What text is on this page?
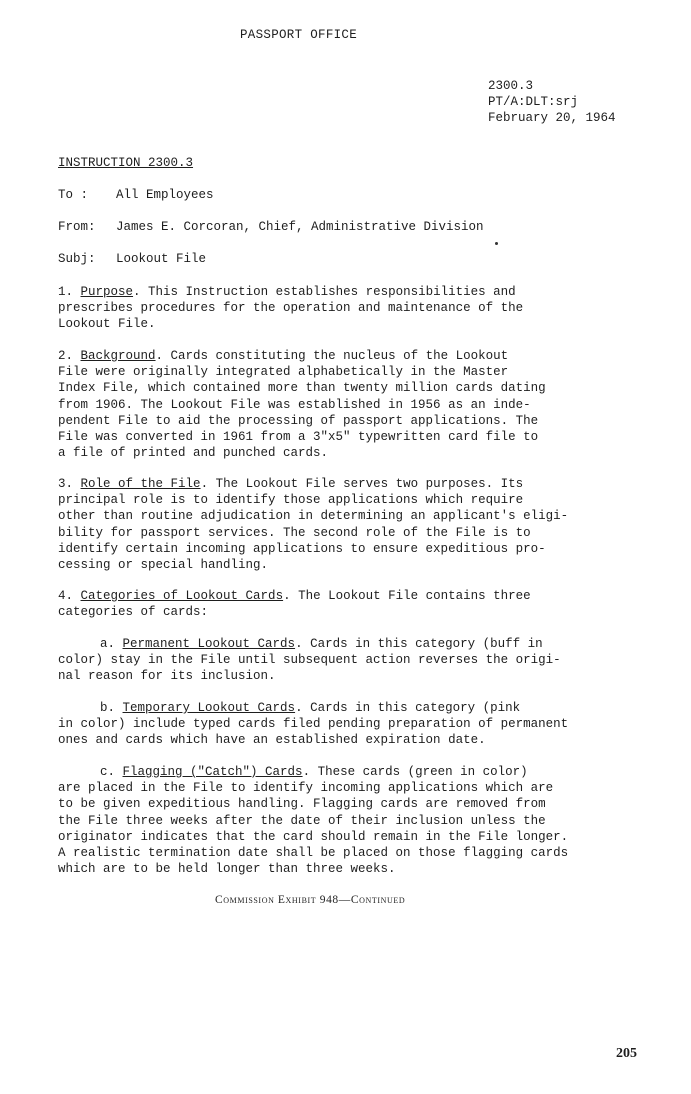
PASSPORT OFFICE
2300.3
PT/A:DLT:srj
February 20, 1964
INSTRUCTION 2300.3
To : All Employees
From: James E. Corcoran, Chief, Administrative Division
Subj: Lookout File
1. Purpose. This Instruction establishes responsibilities and
prescribes procedures for the operation and maintenance of the
Lookout File.
2. Background. Cards constituting the nucleus of the Lookout
File were originally integrated alphabetically in the Master
Index File, which contained more than twenty million cards dating
from 1906. The Lookout File was established in 1956 as an inde-
pendent File to aid the processing of passport applications. The
File was converted in 1961 from a 3"x5" typewritten card file to
a file of printed and punched cards.
3. Role of the File. The Lookout File serves two purposes. Its
principal role is to identify those applications which require
other than routine adjudication in determining an applicant's eligi-
bility for passport services. The second role of the File is to
identify certain incoming applications to ensure expeditious pro-
cessing or special handling.
4. Categories of Lookout Cards. The Lookout File contains three
categories of cards:
a. Permanent Lookout Cards. Cards in this category (buff in
color) stay in the File until subsequent action reverses the origi-
nal reason for its inclusion.
b. Temporary Lookout Cards. Cards in this category (pink
in color) include typed cards filed pending preparation of permanent
ones and cards which have an established expiration date.
c. Flagging ("Catch") Cards. These cards (green in color)
are placed in the File to identify incoming applications which are
to be given expeditious handling. Flagging cards are removed from
the File three weeks after the date of their inclusion unless the
originator indicates that the card should remain in the File longer.
A realistic termination date shall be placed on those flagging cards
which are to be held longer than three weeks.
Commission Exhibit 948—Continued
205
